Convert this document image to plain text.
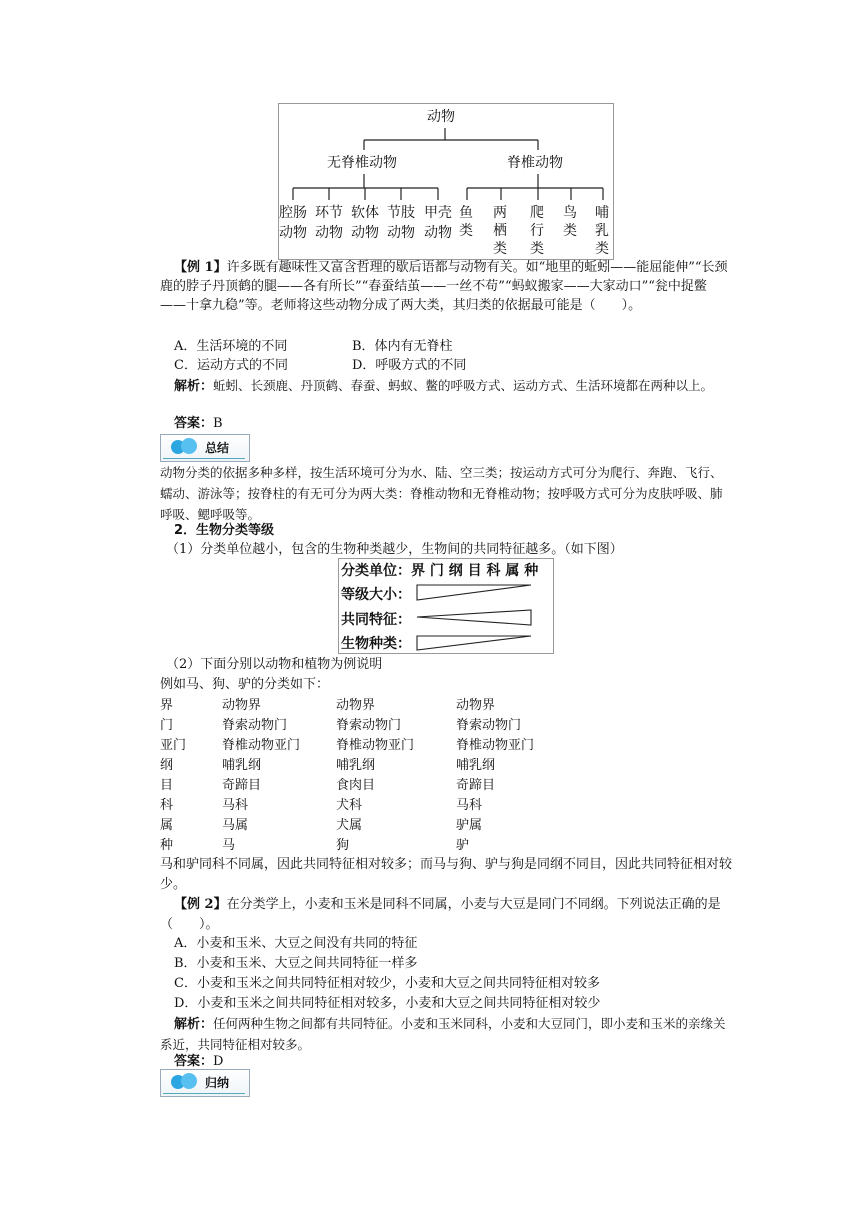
动物
无脊椎动物	脊椎动物
腔肠
动物
环节
动物
软体
动物
节肢
动物
甲壳
动物
鱼
类
两
栖
类
爬
行
类
鸟
类
哺
乳
类
【例 1】许多既有趣味性又富含哲理的歇后语都与动物有关。如“地里的蚯蚓——能屈能伸”“长颈鹿的脖子丹顶鹤的腿——各有所长”“春蚕结茧——一丝不苟”“蚂蚁搬家——大家动口”“瓮中捉鳖——十拿九稳”等。老师将这些动物分成了两大类，其归类的依据最可能是（　　）。
A．生活环境的不同	B．体内有无脊柱
C．运动方式的不同	D．呼吸方式的不同
解析：蚯蚓、长颈鹿、丹顶鹤、春蚕、蚂蚁、鳖的呼吸方式、运动方式、生活环境都在两种以上。
答案：B
总结
动物分类的依据多种多样，按生活环境可分为水、陆、空三类；按运动方式可分为爬行、奔跑、飞行、蠕动、游泳等；按脊柱的有无可分为两大类：脊椎动物和无脊椎动物；按呼吸方式可分为皮肤呼吸、肺呼吸、鳃呼吸等。
2．生物分类等级
（1）分类单位越小，包含的生物种类越少，生物间的共同特征越多。（如下图）
分类单位：界 门 纲 目 科 属 种
等级大小：
共同特征：
生物种类：
（2）下面分别以动物和植物为例说明
例如马、狗、驴的分类如下：
界	动物界	动物界	动物界
门	脊索动物门	脊索动物门	脊索动物门
亚门	脊椎动物亚门	脊椎动物亚门	脊椎动物亚门
纲	哺乳纲	哺乳纲	哺乳纲
目	奇蹄目	食肉目	奇蹄目
科	马科	犬科	马科
属	马属	犬属	驴属
种	马	狗	驴
马和驴同科不同属，因此共同特征相对较多；而马与狗、驴与狗是同纲不同目，因此共同特征相对较少。
【例 2】在分类学上，小麦和玉米是同科不同属，小麦与大豆是同门不同纲。下列说法正确的是（　　）。
A．小麦和玉米、大豆之间没有共同的特征
B．小麦和玉米、大豆之间共同特征一样多
C．小麦和玉米之间共同特征相对较少，小麦和大豆之间共同特征相对较多
D．小麦和玉米之间共同特征相对较多，小麦和大豆之间共同特征相对较少
解析：任何两种生物之间都有共同特征。小麦和玉米同科，小麦和大豆同门，即小麦和玉米的亲缘关系近，共同特征相对较多。
答案：D
归纳
